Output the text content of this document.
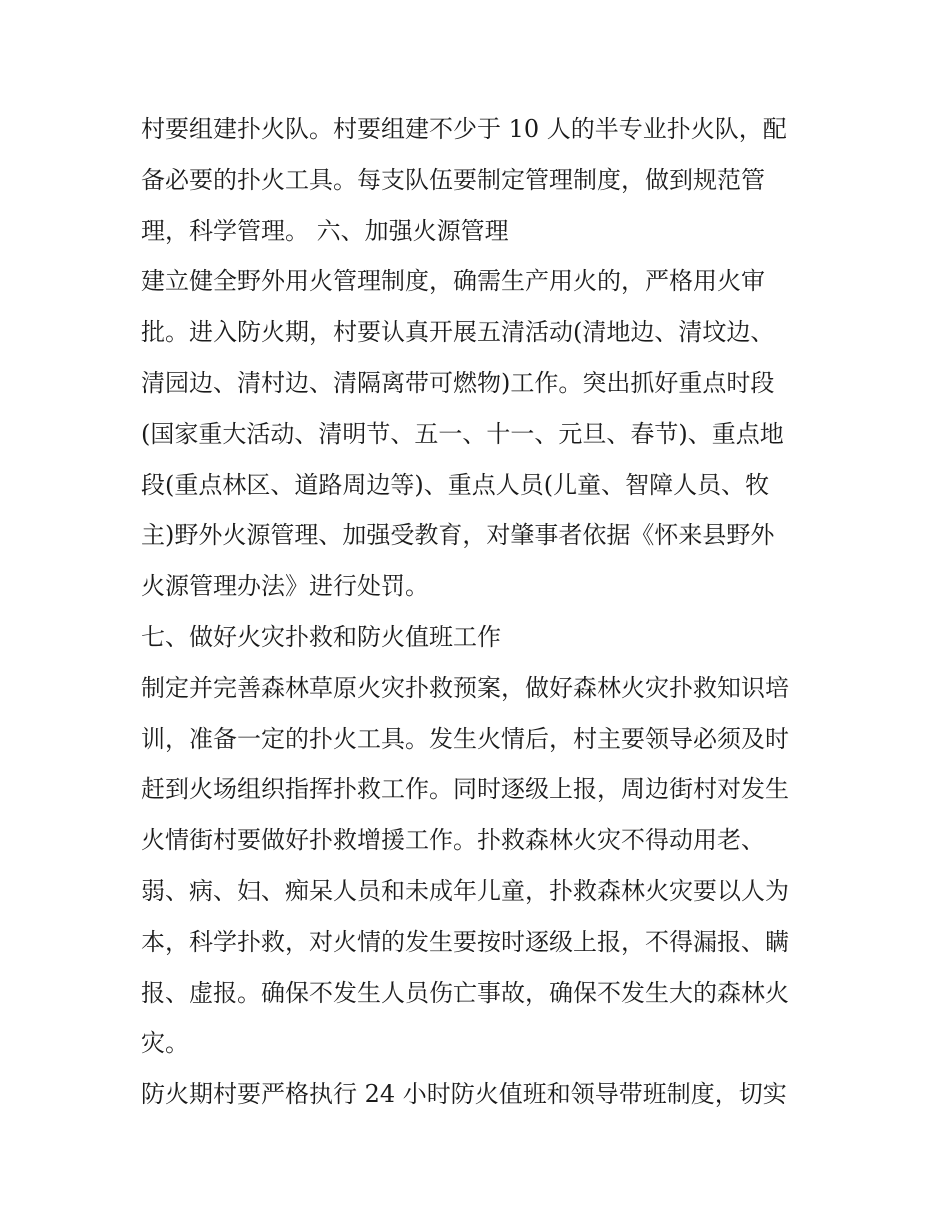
村要组建扑火队。村要组建不少于 10 人的半专业扑火队，配
备必要的扑火工具。每支队伍要制定管理制度，做到规范管
理，科学管理。 六、加强火源管理
建立健全野外用火管理制度，确需生产用火的，严格用火审
批。进入防火期，村要认真开展五清活动(清地边、清坟边、
清园边、清村边、清隔离带可燃物)工作。突出抓好重点时段
(国家重大活动、清明节、五一、十一、元旦、春节)、重点地
段(重点林区、道路周边等)、重点人员(儿童、智障人员、牧
主)野外火源管理、加强受教育，对肇事者依据《怀来县野外
火源管理办法》进行处罚。
七、做好火灾扑救和防火值班工作
制定并完善森林草原火灾扑救预案，做好森林火灾扑救知识培
训，准备一定的扑火工具。发生火情后，村主要领导必须及时
赶到火场组织指挥扑救工作。同时逐级上报，周边街村对发生
火情街村要做好扑救增援工作。扑救森林火灾不得动用老、
弱、病、妇、痴呆人员和未成年儿童，扑救森林火灾要以人为
本，科学扑救，对火情的发生要按时逐级上报，不得漏报、瞒
报、虚报。确保不发生人员伤亡事故，确保不发生大的森林火
灾。
防火期村要严格执行 24 小时防火值班和领导带班制度，切实
